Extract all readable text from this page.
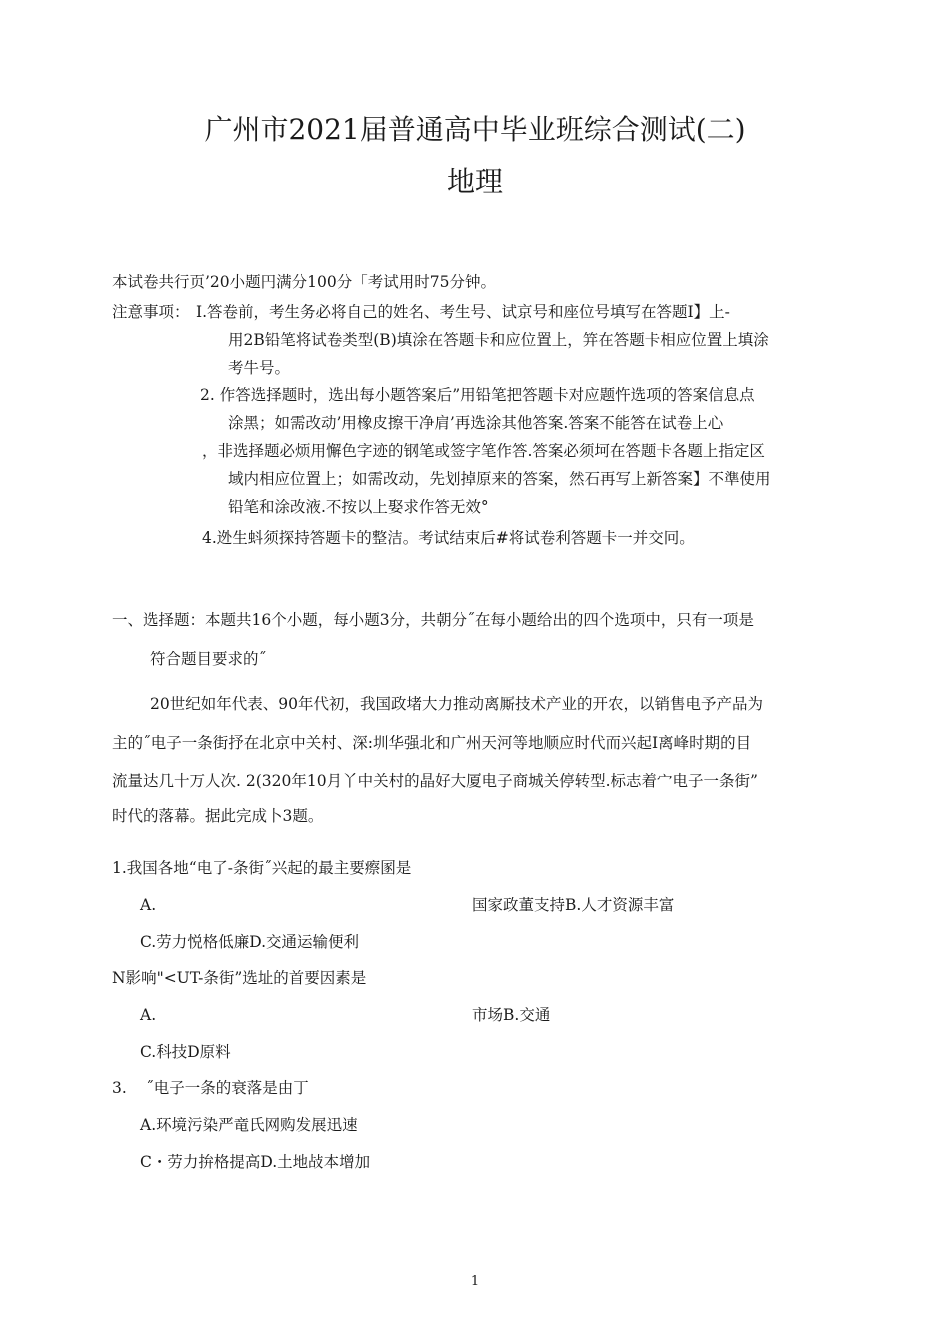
广州市2021届普通高中毕业班综合测试(二)
地理
本试卷共行页’20小题円满分100分「考试用时75分钟。
注意事项： Ⅰ.答卷前，考生务必将自己的姓名、考生号、试京号和座位号填写在答题Ⅰ】上-
用2B铅笔将试卷类型(B)填涂在答题卡和应位置上，笄在答题卡相应位置上填涂
考牛号。
2. 作答选择题时，选出每小题答案后”用铅笔把答题卡对应题忤选项的答案信息点
涂黑；如需改动’用橡皮擦干净肩’再选涂其他答案.答案不能答在试卷上心
，非选择题必烦用懈色字迹的钢笔或签字笔作答.答案必须坷在答题卡各题上指定区
域内相应位置上；如需改动，先划掉原来的答案，然石再写上新答案】不準使用
铅笔和涂改液.不按以上娶求作答无效°
4.迯生蚪须探持答题卡的整洁。考试结束后#将试卷利答题卡一并交冋。
一、选择题：本题共16个小题，每小题3分，共朝分˝在每小题给出的四个选项中，只有一项是
符合题目要求的˝
20世纪如年代表、90年代初，我国政堵大力推动离厮技术产业的开农，以销售电予产品为
主的˝电子一条街抒在北京中关村、深:圳华强北和广州天河等地顺应时代而兴起Ⅰ离峰时期的目
流量达几十万人次. 2(320年10月丫中关村的晶好大厦电子商城关停转型.标志着宀电子一条街”
时代的落幕。据此完成卜3题。
1.我国各地“电了-条街˝兴起的最主要瘵圂是
A.	国家政董支持B.人才资源丰富
C.劳力悦格低廉D.交通运输便利
N影响"<UT-条街”选址的首要因素是
A.	市场B.交通
C.科技D原料
3. ˝电子一条的衰落是由丁
A.环境污染严竜氏网购发展迅速
C・劳力拚格提高D.土地敁本增加
1
